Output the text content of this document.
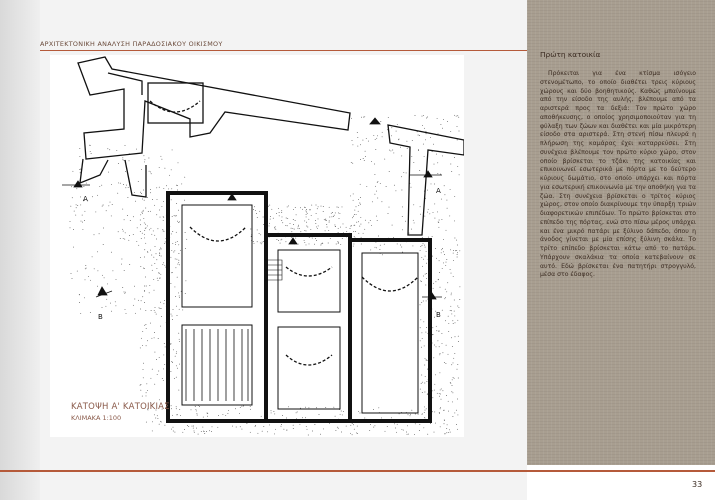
ΑΡΧΙΤΕΚΤΟΝΙΚΗ ΑΝΑΛΥΣΗ ΠΑΡΑΔΟΣΙΑΚΟΥ ΟΙΚΙΣΜΟΥ
Α
Α
Β	Β
ΚΑΤΟΨΗ Α' ΚΑΤΟΙΚΙΑΣ
ΚΛΙΜΑΚΑ 1:100
Πρώτη κατοικία
Πρόκειται για ένα κτίσμα ισόγειο στενομέτωπο, το οποίο διαθέτει τρεις κύριους χώρους και δύο βοηθητικούς. Καθώς μπαίνουμε από την είσοδο της αυλής, βλέπουμε από τα αριστερά προς τα δεξιά: Τον πρώτο χώρο αποθήκευσης, ο οποίος χρησιμοποιούταν για τη φύλαξη των ζώων και διαθέτει και μία μικρότερη είσοδο στα αριστερά. Στη στενή πίσω πλευρά η πλήρωση της καμάρας έχει καταρρεύσει. Στη συνέχεια βλέπουμε τον πρώτο κύριο χώρο, στον οποίο βρίσκεται το τζάκι της κατοικίας και επικοινωνεί εσωτερικά με πόρτα με το δεύτερο κύριους δωμάτιο, στο οποίο υπάρχει και πόρτα για εσωτερική επικοινωνία με την αποθήκη για τα ζώα. Στη συνέχεια βρίσκεται ο τρίτος κύριος χώρος, στον οποίο διακρίνουμε την ύπαρξη τριών διαφορετικών επιπέδων. Το πρώτο βρίσκεται στο επίπεδο της πόρτας, ενώ στο πίσω μέρος υπάρχει και ένα μικρό πατάρι με ξύλινο δάπεδο, όπου η άνοδος γίνεται με μία επίσης ξύλινη σκάλα. Το τρίτο επίπεδο βρίσκεται κάτω από το πατάρι. Υπάρχουν σκαλάκια τα οποία κατεβαίνουν σε αυτό. Εδώ βρίσκεται ένα πατητήρι στρογγυλό, μέσα στο έδαφος.
33
